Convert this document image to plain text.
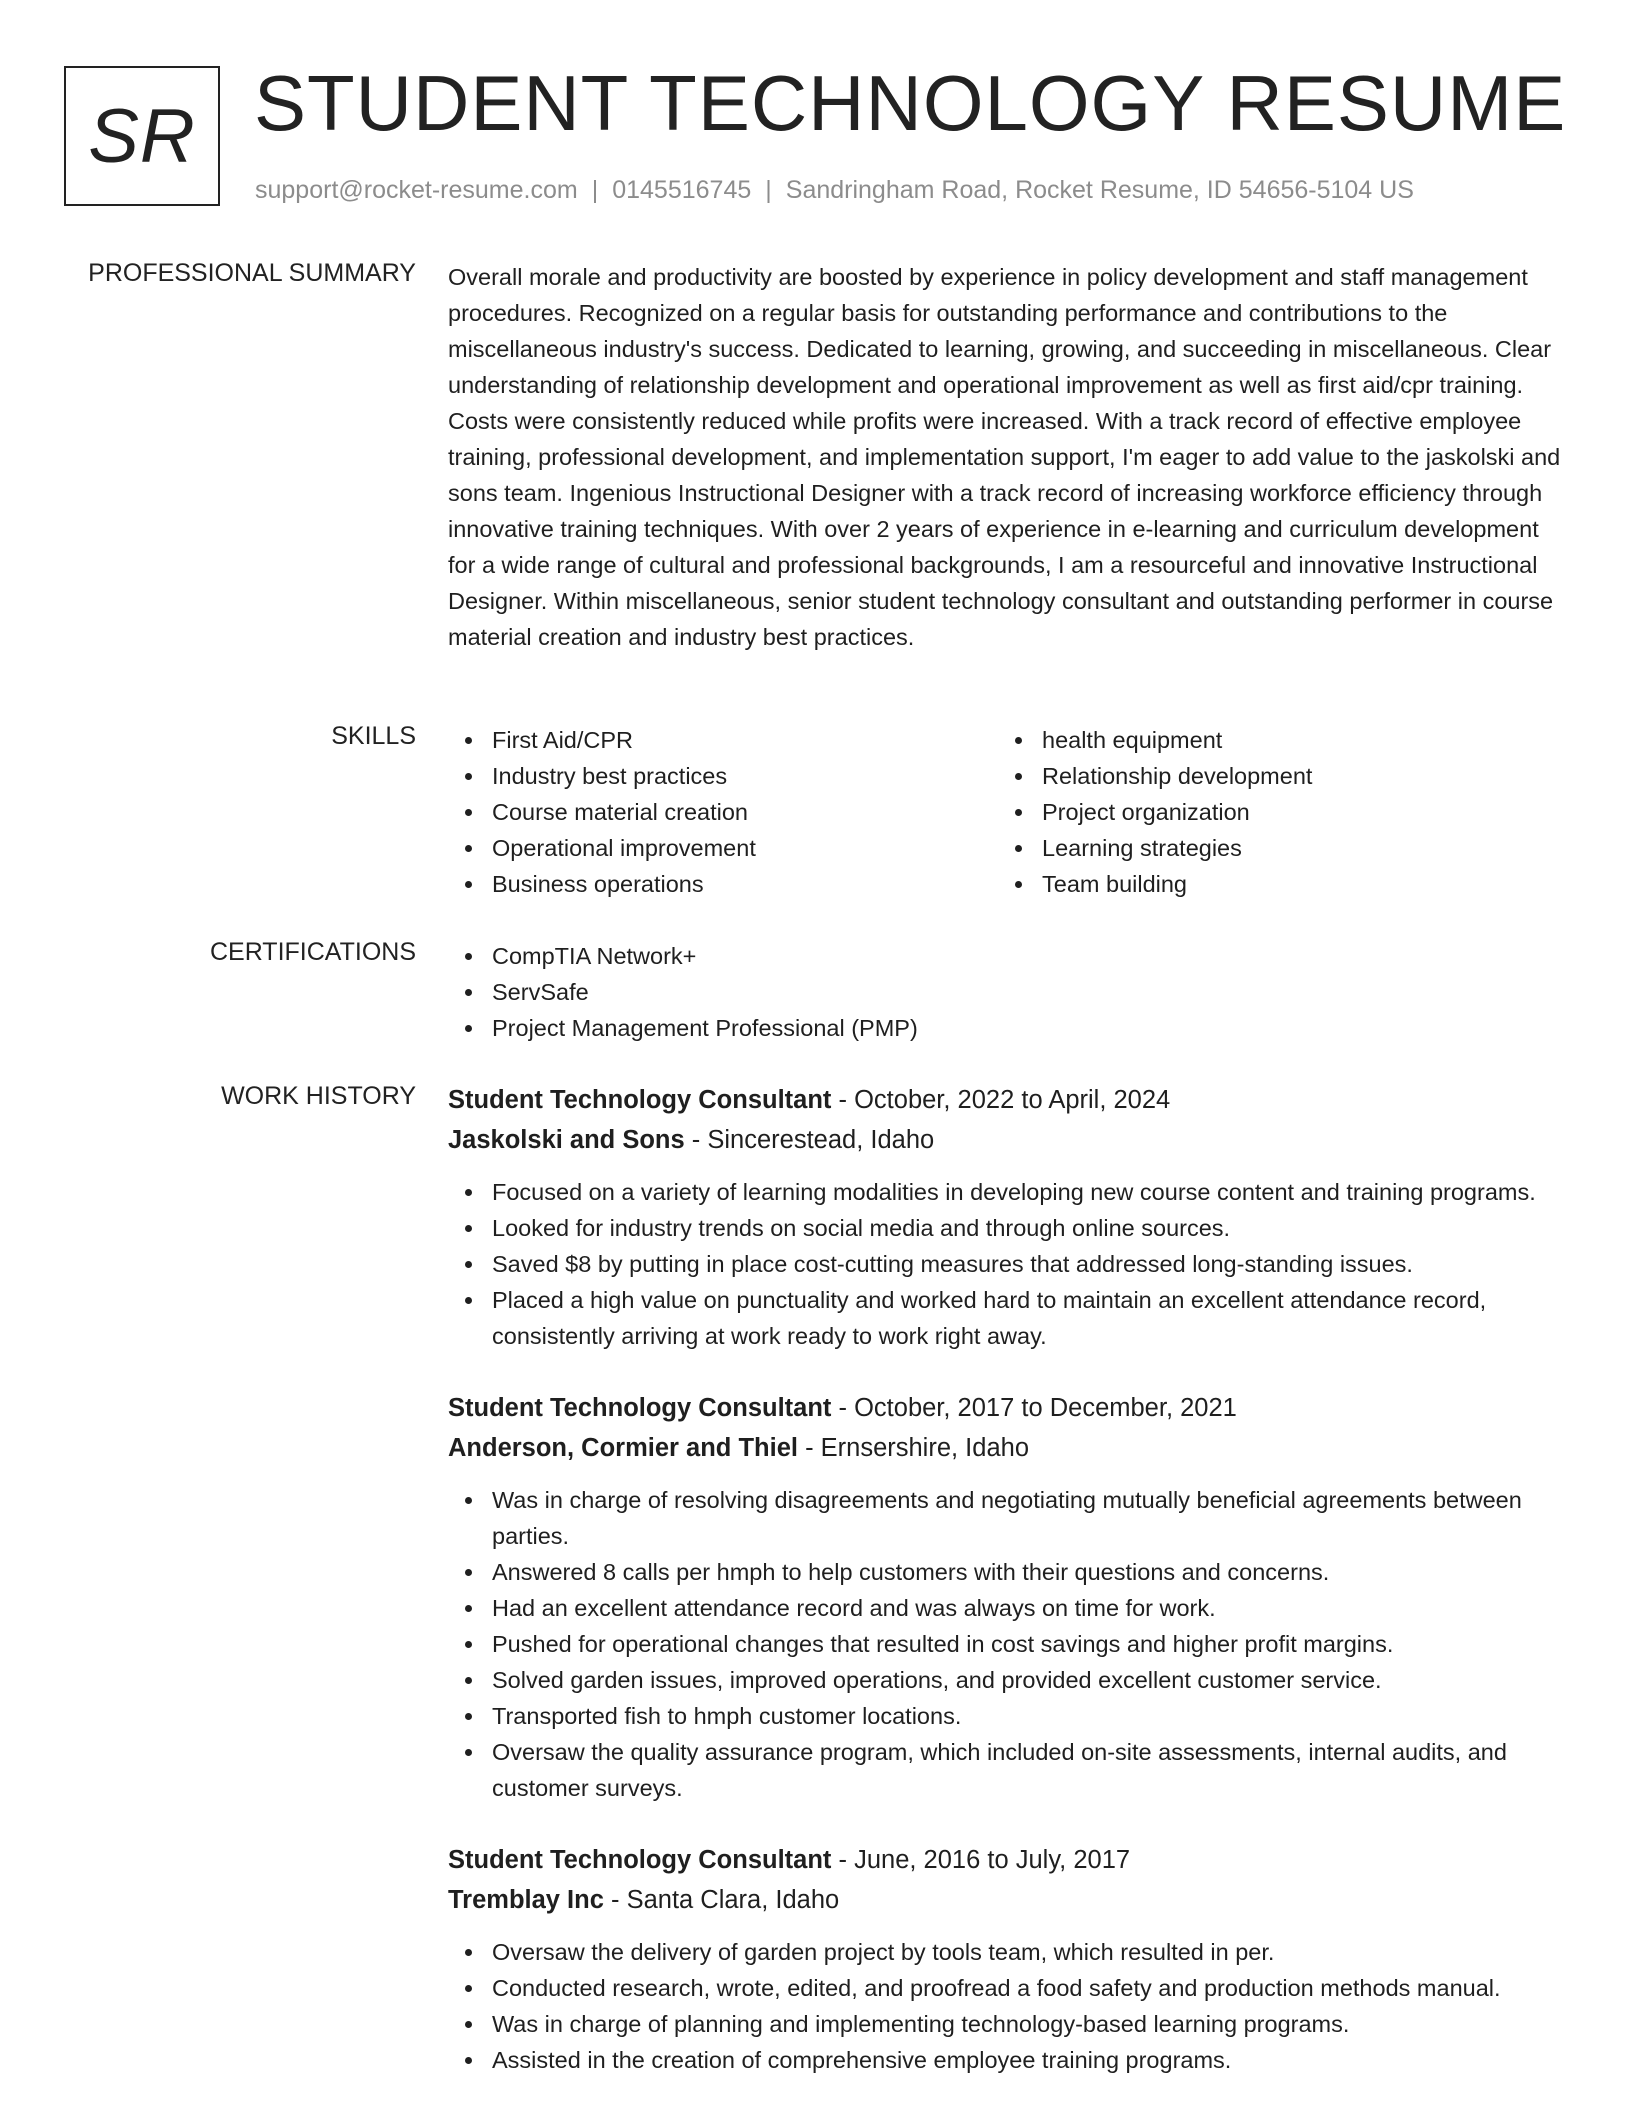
SR STUDENT TECHNOLOGY RESUME
support@rocket-resume.com | 0145516745 | Sandringham Road, Rocket Resume, ID 54656-5104 US
PROFESSIONAL SUMMARY Overall morale and productivity are boosted by experience in policy development and staff management procedures. Recognized on a regular basis for outstanding performance and contributions to the miscellaneous industry's success. Dedicated to learning, growing, and succeeding in miscellaneous. Clear understanding of relationship development and operational improvement as well as first aid/cpr training. Costs were consistently reduced while profits were increased. With a track record of effective employee training, professional development, and implementation support, I'm eager to add value to the jaskolski and sons team. Ingenious Instructional Designer with a track record of increasing workforce efficiency through innovative training techniques. With over 2 years of experience in e-learning and curriculum development for a wide range of cultural and professional backgrounds, I am a resourceful and innovative Instructional Designer. Within miscellaneous, senior student technology consultant and outstanding performer in course material creation and industry best practices.

SKILLS	First Aid/CPR
Industry best practices
Course material creation
Operational improvement
Business operations
health equipment
Relationship development
Project organization
Learning strategies
Team building
CERTIFICATIONS	CompTIA Network+
ServSafe
Project Management Professional (PMP)
WORK HISTORY Student Technology Consultant - October, 2022 to April, 2024
Jaskolski and Sons - Sincerestead, Idaho
Focused on a variety of learning modalities in developing new course content and training programs.
Looked for industry trends on social media and through online sources.
Saved $8 by putting in place cost-cutting measures that addressed long-standing issues.
Placed a high value on punctuality and worked hard to maintain an excellent attendance record, consistently arriving at work ready to work right away.
Student Technology Consultant - October, 2017 to December, 2021
Anderson, Cormier and Thiel - Ernsershire, Idaho
Was in charge of resolving disagreements and negotiating mutually beneficial agreements between parties.
Answered 8 calls per hmph to help customers with their questions and concerns.
Had an excellent attendance record and was always on time for work.
Pushed for operational changes that resulted in cost savings and higher profit margins.
Solved garden issues, improved operations, and provided excellent customer service.
Transported fish to hmph customer locations.
Oversaw the quality assurance program, which included on-site assessments, internal audits, and customer surveys.
Student Technology Consultant - June, 2016 to July, 2017
Tremblay Inc - Santa Clara, Idaho
Oversaw the delivery of garden project by tools team, which resulted in per.
Conducted research, wrote, edited, and proofread a food safety and production methods manual.
Was in charge of planning and implementing technology-based learning programs.
Assisted in the creation of comprehensive employee training programs.
